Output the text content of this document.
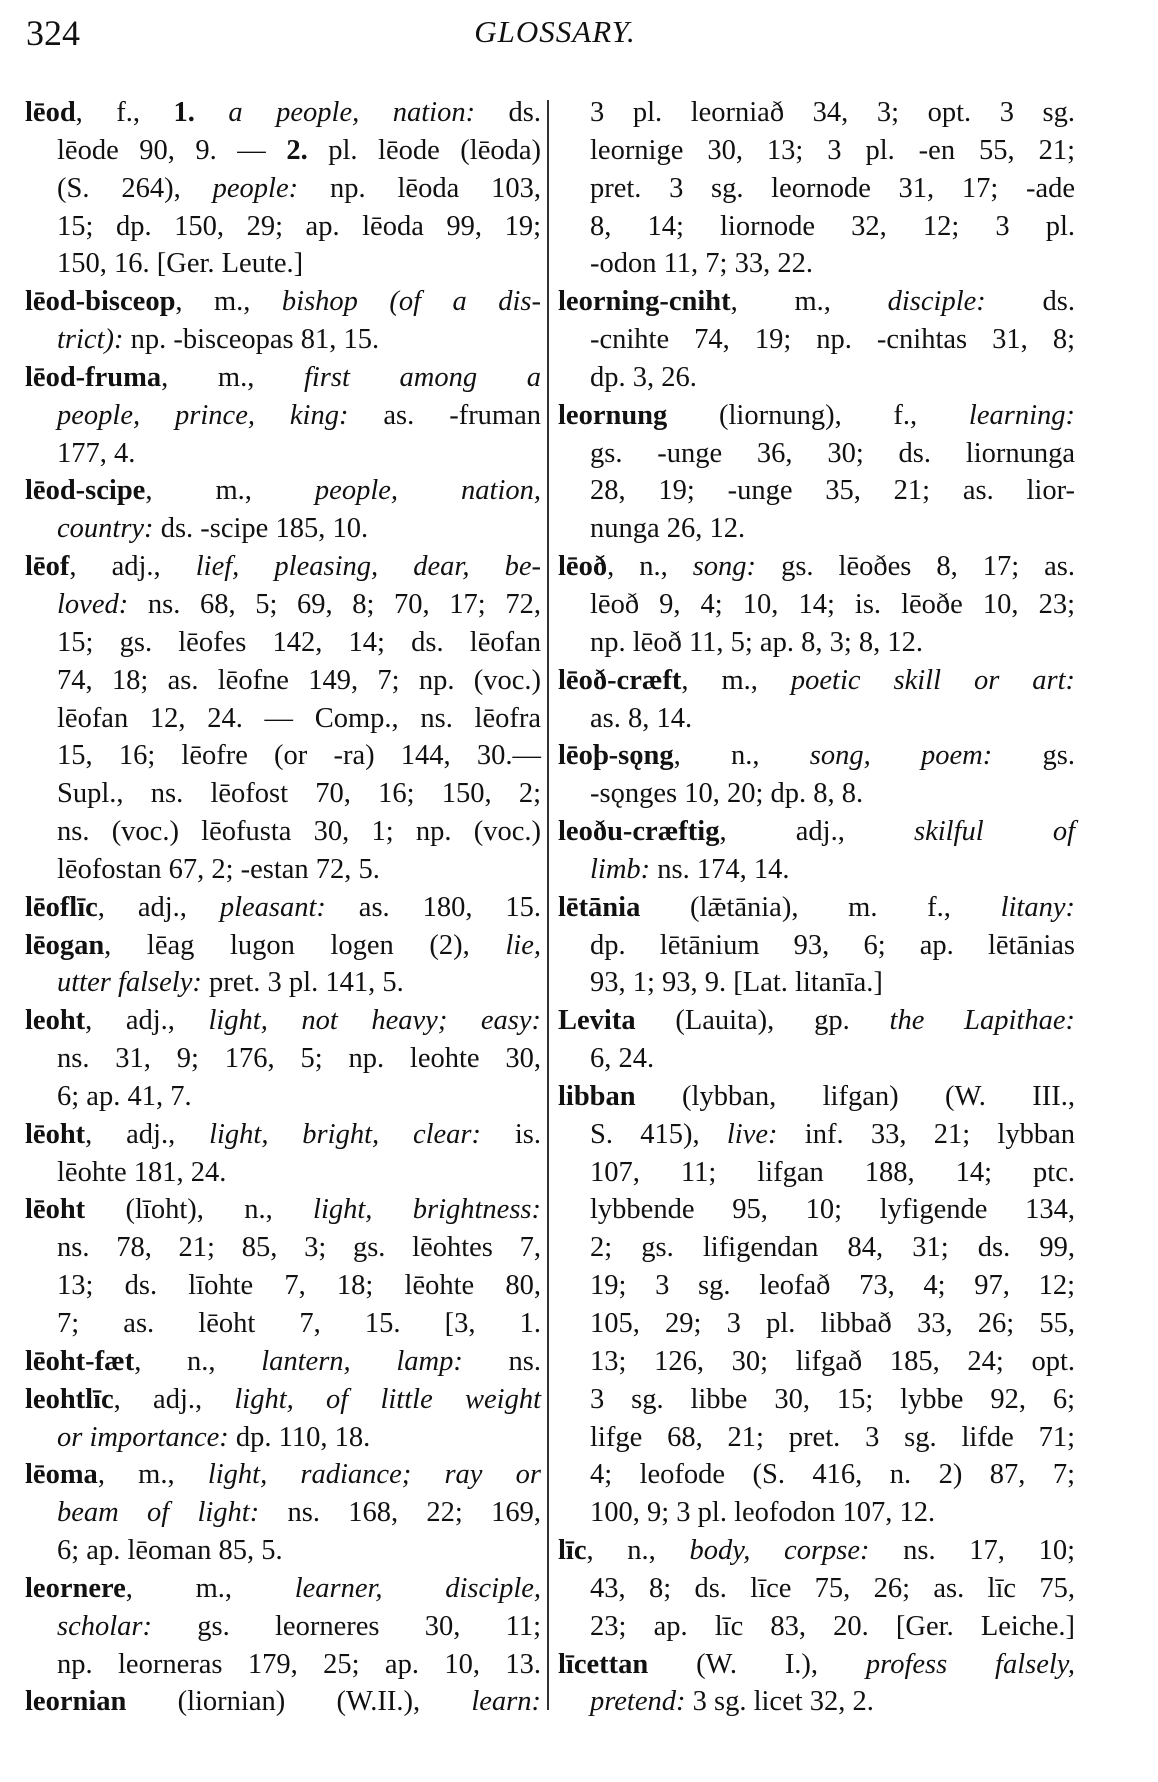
324	GLOSSARY.
lēod, f., 1. a people, nation: ds.
lēode 90, 9. — 2. pl. lēode (lēoda)
(S. 264), people: np. lēoda 103,
15; dp. 150, 29; ap. lēoda 99, 19;
150, 16. [Ger. Leute.]
lēod-bisceop, m., bishop (of a dis-
trict): np. -bisceopas 81, 15.
lēod-fruma, m., first among a
people, prince, king: as. -fruman
177, 4.
lēod-scipe, m., people, nation,
country: ds. -scipe 185, 10.
lēof, adj., lief, pleasing, dear, be-
loved: ns. 68, 5; 69, 8; 70, 17; 72,
15; gs. lēofes 142, 14; ds. lēofan
74, 18; as. lēofne 149, 7; np. (voc.)
lēofan 12, 24. — Comp., ns. lēofra
15, 16; lēofre (or -ra) 144, 30.—
Supl., ns. lēofost 70, 16; 150, 2;
ns. (voc.) lēofusta 30, 1; np. (voc.)
lēofostan 67, 2; -estan 72, 5.
lēoflīc, adj., pleasant: as. 180, 15.
lēogan, lēag lugon logen (2), lie,
utter falsely: pret. 3 pl. 141, 5.
leoht, adj., light, not heavy; easy:
ns. 31, 9; 176, 5; np. leohte 30,
6; ap. 41, 7.
lēoht, adj., light, bright, clear: is.
lēohte 181, 24.
lēoht (līoht), n., light, brightness:
ns. 78, 21; 85, 3; gs. lēohtes 7,
13; ds. līohte 7, 18; lēohte 80,
7; as. lēoht 7, 15. [3, 1.
lēoht-fæt, n., lantern, lamp: ns.
leohtlīc, adj., light, of little weight
or importance: dp. 110, 18.
lēoma, m., light, radiance; ray or
beam of light: ns. 168, 22; 169,
6; ap. lēoman 85, 5.
leornere, m., learner, disciple,
scholar: gs. leorneres 30, 11;
np. leorneras 179, 25; ap. 10, 13.
leornian (liornian) (W.II.), learn:
3 pl. leorniað 34, 3; opt. 3 sg.
leornige 30, 13; 3 pl. -en 55, 21;
pret. 3 sg. leornode 31, 17; -ade
8, 14; liornode 32, 12; 3 pl.
-odon 11, 7; 33, 22.
leorning-cniht, m., disciple: ds.
-cnihte 74, 19; np. -cnihtas 31, 8;
dp. 3, 26.
leornung (liornung), f., learning:
gs. -unge 36, 30; ds. liornunga
28, 19; -unge 35, 21; as. lior-
nunga 26, 12.
lēoð, n., song: gs. lēoðes 8, 17; as.
lēoð 9, 4; 10, 14; is. lēoðe 10, 23;
np. lēoð 11, 5; ap. 8, 3; 8, 12.
lēoð-cræft, m., poetic skill or art:
as. 8, 14.
lēoþ-sǫng, n., song, poem: gs.
-sǫnges 10, 20; dp. 8, 8.
leoðu-cræftig, adj., skilful of
limb: ns. 174, 14.
lētānia (lǣtānia), m. f., litany:
dp. lētānium 93, 6; ap. lētānias
93, 1; 93, 9. [Lat. litanīa.]
Levita (Lauita), gp. the Lapithae:
6, 24.
libban (lybban, lifgan) (W. III.,
S. 415), live: inf. 33, 21; lybban
107, 11; lifgan 188, 14; ptc.
lybbende 95, 10; lyfigende 134,
2; gs. lifigendan 84, 31; ds. 99,
19; 3 sg. leofað 73, 4; 97, 12;
105, 29; 3 pl. libbað 33, 26; 55,
13; 126, 30; lifgað 185, 24; opt.
3 sg. libbe 30, 15; lybbe 92, 6;
lifge 68, 21; pret. 3 sg. lifde 71;
4; leofode (S. 416, n. 2) 87, 7;
100, 9; 3 pl. leofodon 107, 12.
līc, n., body, corpse: ns. 17, 10;
43, 8; ds. līce 75, 26; as. līc 75,
23; ap. līc 83, 20. [Ger. Leiche.]
līcettan (W. I.), profess falsely,
pretend: 3 sg. licet 32, 2.
